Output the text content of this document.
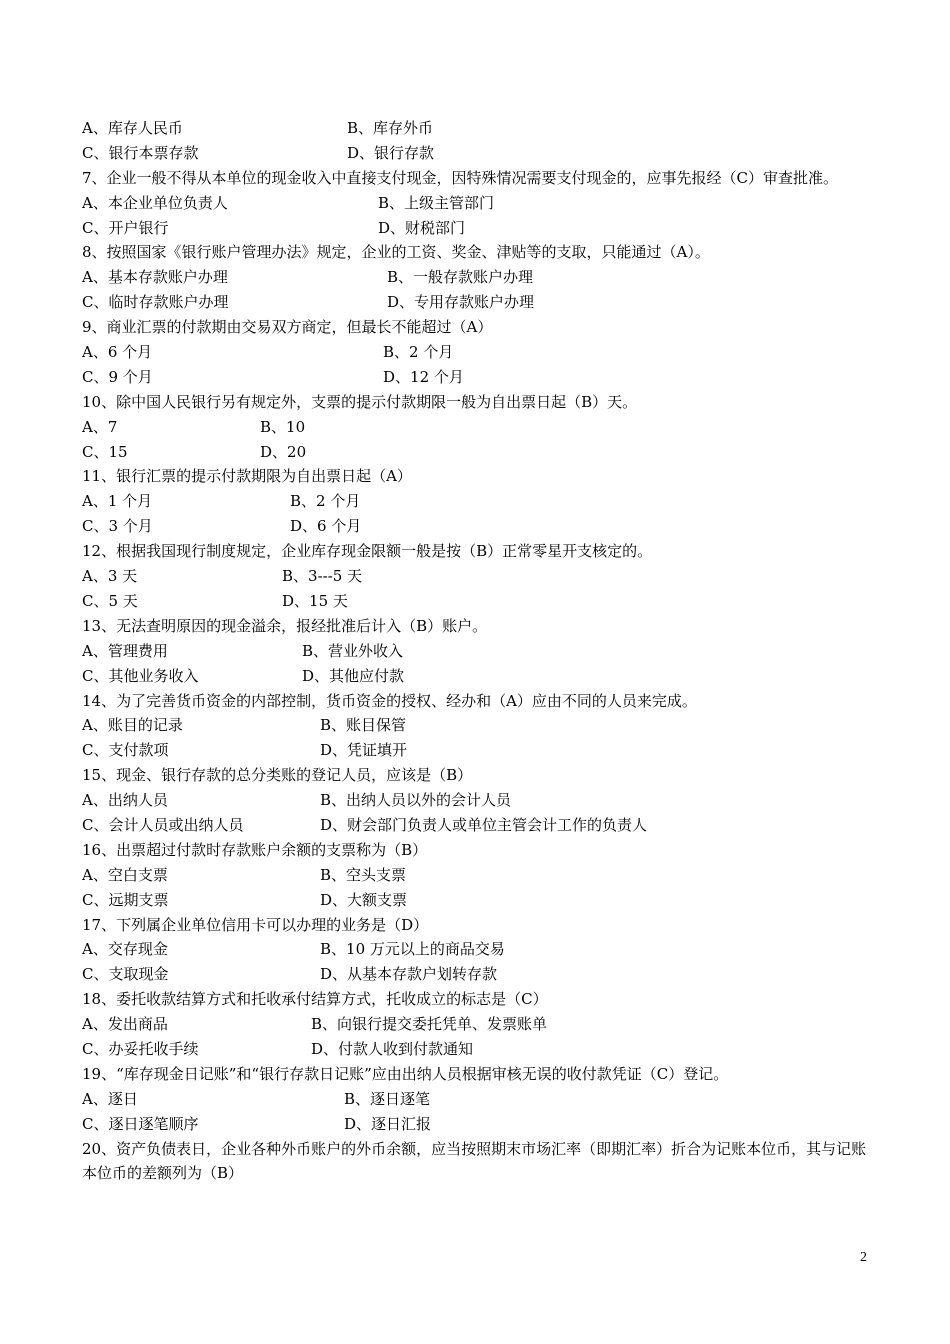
A、库存人民币	B、库存外币
C、银行本票存款	D、银行存款
7、企业一般不得从本单位的现金收入中直接支付现金，因特殊情况需要支付现金的，应事先报经（C）审查批准。
A、本企业单位负责人	B、上级主管部门
C、开户银行	D、财税部门
8、按照国家《银行账户管理办法》规定，企业的工资、奖金、津贴等的支取，只能通过（A）。
A、基本存款账户办理	B、一般存款账户办理
C、临时存款账户办理	D、专用存款账户办理
9、商业汇票的付款期由交易双方商定，但最长不能超过（A）
A、6 个月	B、2 个月
C、9 个月	D、12 个月
10、除中国人民银行另有规定外，支票的提示付款期限一般为自出票日起（B）天。
A、7	B、10
C、15	D、20
11、银行汇票的提示付款期限为自出票日起（A）
A、1 个月	B、2 个月
C、3 个月	D、6 个月
12、根据我国现行制度规定，企业库存现金限额一般是按（B）正常零星开支核定的。
A、3 天	B、3---5 天
C、5 天	D、15 天
13、无法查明原因的现金溢余，报经批准后计入（B）账户。
A、管理费用	B、营业外收入
C、其他业务收入	D、其他应付款
14、为了完善货币资金的内部控制，货币资金的授权、经办和（A）应由不同的人员来完成。
A、账目的记录	B、账目保管
C、支付款项	D、凭证填开
15、现金、银行存款的总分类账的登记人员，应该是（B）
A、出纳人员	B、出纳人员以外的会计人员
C、会计人员或出纳人员	D、财会部门负责人或单位主管会计工作的负责人
16、出票超过付款时存款账户余额的支票称为（B）
A、空白支票	B、空头支票
C、远期支票	D、大额支票
17、下列属企业单位信用卡可以办理的业务是（D）
A、交存现金	B、10 万元以上的商品交易
C、支取现金	D、从基本存款户划转存款
18、委托收款结算方式和托收承付结算方式，托收成立的标志是（C）
A、发出商品	B、向银行提交委托凭单、发票账单
C、办妥托收手续	D、付款人收到付款通知
19、“库存现金日记账”和“银行存款日记账”应由出纳人员根据审核无误的收付款凭证（C）登记。
A、逐日	B、逐日逐笔
C、逐日逐笔顺序	D、逐日汇报
20、资产负债表日，企业各种外币账户的外币余额，应当按照期末市场汇率（即期汇率）折合为记账本位币，其与记账本位币的差额列为（B）
2
